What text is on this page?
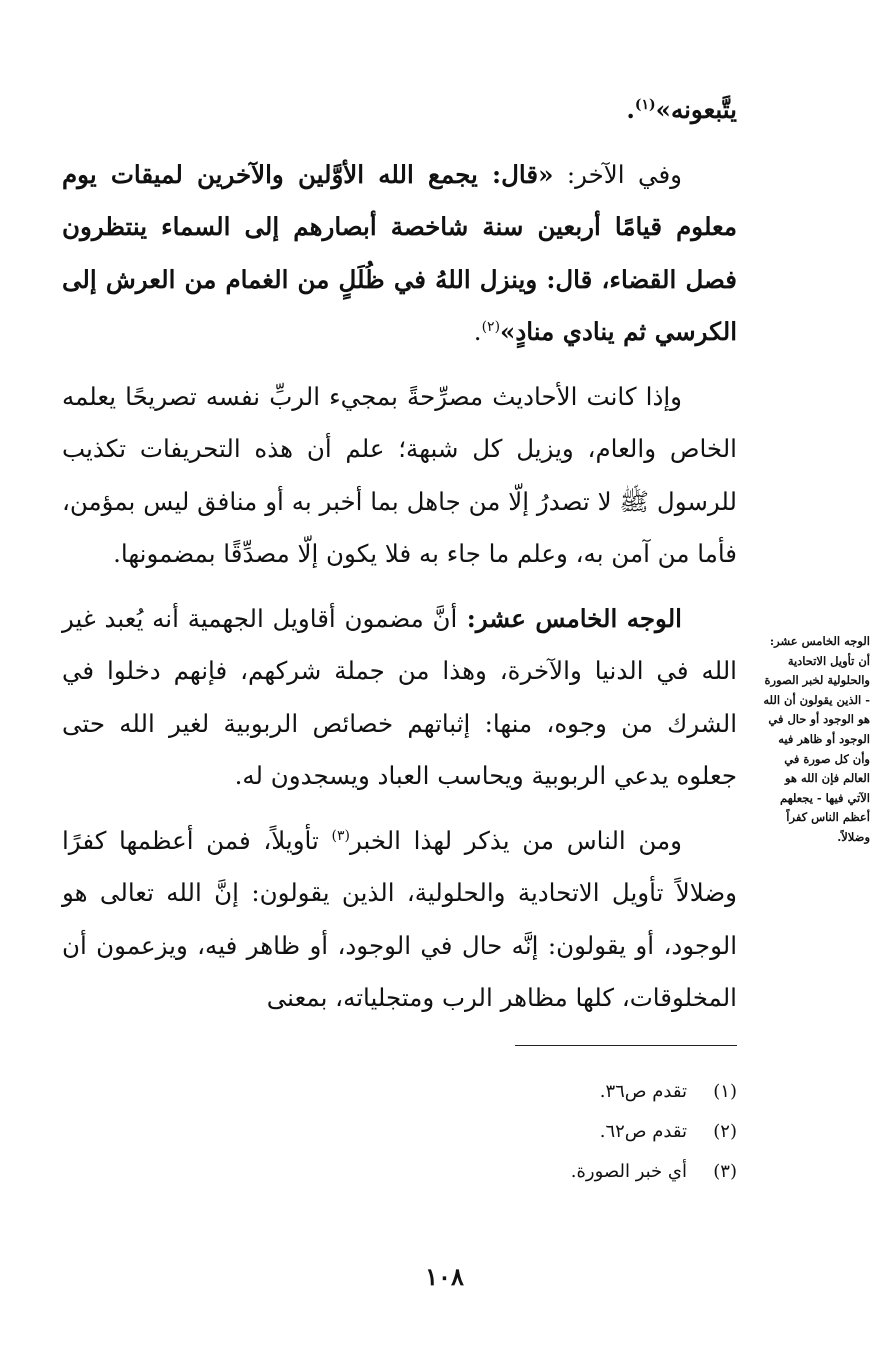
يتَّبعونه»$^{(١)}$.

وفي الآخر: «قال: يجمع الله الأوَّلين والآخرين لميقات يوم معلوم قيامًا أربعين سنة شاخصة أبصارهم إلى السماء ينتظرون فصل القضاء، قال: وينزل اللهُ في ظُلَلٍ من الغمام من العرش إلى الكرسي ثم ينادي منادٍ»$^{(٢)}$.

وإذا كانت الأحاديث مصرِّحةً بمجيء الربِّ نفسه تصريحًا يعلمه الخاص والعام، ويزيل كل شبهة؛ علم أن هذه التحريفات تكذيب للرسول ﷺ لا تصدرُ إلّا من جاهل بما أخبر به أو منافق ليس بمؤمن، فأما من آمن به، وعلم ما جاء به فلا يكون إلّا مصدِّقًا بمضمونها.

الوجه الخامس عشر: أنَّ مضمون أقاويل الجهمية أنه يُعبد غير الله في الدنيا والآخرة، وهذا من جملة شركهم، فإنهم دخلوا في الشرك من وجوه، منها: إثباتهم خصائص الربوبية لغير الله حتى جعلوه يدعي الربوبية ويحاسب العباد ويسجدون له.

ومن الناس من يذكر لهذا الخبر$^{(٣)}$ تأويلاً، فمن أعظمها كفرًا وضلالاً تأويل الاتحادية والحلولية، الذين يقولون: إنَّ الله تعالى هو الوجود، أو يقولون: إنَّه حال في الوجود، أو ظاهر فيه، ويزعمون أن المخلوقات، كلها مظاهر الرب ومتجلياته، بمعنى

الوجه الخامس عشر: أن تأويل الاتحادية والحلولية لخبر الصورة - الذين يقولون أن الله هو الوجود أو حال في الوجود أو ظاهر فيه وأن كل صورة في العالم فإن الله هو الآتي فيها - يجعلهم أعظم الناس كفراً وضلالاً.
(١)
تقدم ص٣٦.
(٢)
تقدم ص٦٢.
(٣)
أي خبر الصورة.
١٠٨
